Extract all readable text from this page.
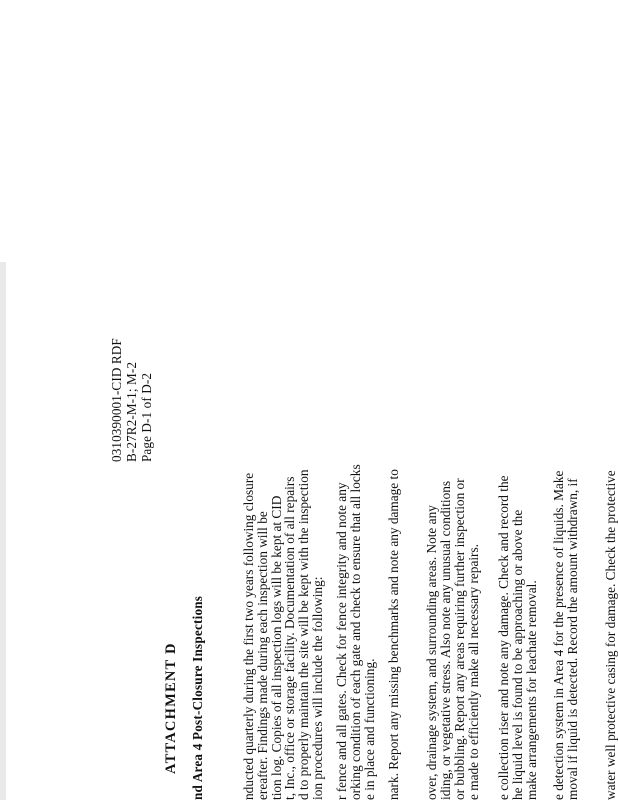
0310390001-CID RDF B-27R2-M-1; M-2 Page D-1 of D-2
ATTACHMENT D nd Area 4 Post-Closure Inspections	nducted quarterly during the first two years following closure ereafter. Findings made during each inspection will be tion log. Copies of all inspection logs will be kept at CID
t, Inc., office or storage facility. Documentation of all repairs d to properly maintain the site will be kept with the inspection ion procedures will include the following: r fence and all gates. Check for fence integrity and note any orking condition of each gate and check to ensure that all locks e in place and functioning. nark. Report any missing benchmarks and note any damage to over, drainage system, and surrounding areas. Note any iding, or vegetative stress. Also note any unusual conditions or bubbling. Report any areas requiring further inspection or e made to efficiently make all necessary repairs. e collection riser and note any damage. Check and record the he liquid level is found to be approaching or above the make arrangements for leachate removal. e detection system in Area 4 for the presence of liquids. Make moval if liquid is detected. Record the amount withdrawn, if water well protective casing for damage. Check the protective
